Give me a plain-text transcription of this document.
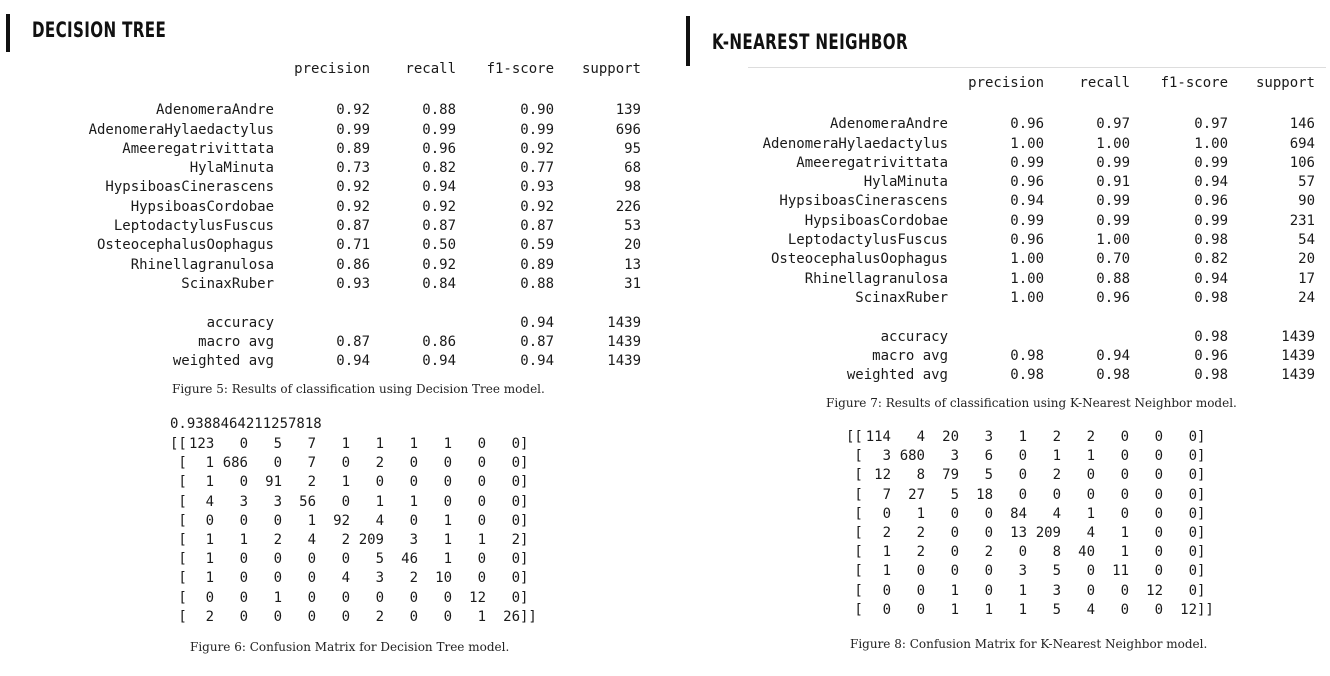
DECISION TREE
	precision	recall	f1-score	support

AdenomeraAndre	0.92	0.88	0.90	139
AdenomeraHylaedactylus	0.99	0.99	0.99	696
Ameeregatrivittata	0.89	0.96	0.92	95
HylaMinuta	0.73	0.82	0.77	68
HypsiboasCinerascens	0.92	0.94	0.93	98
HypsiboasCordobae	0.92	0.92	0.92	226
LeptodactylusFuscus	0.87	0.87	0.87	53
OsteocephalusOophagus	0.71	0.50	0.59	20
Rhinellagranulosa	0.86	0.92	0.89	13
ScinaxRuber	0.93	0.84	0.88	31

accuracy			0.94	1439
macro avg	0.87	0.86	0.87	1439
weighted avg	0.94	0.94	0.94	1439
Figure 5: Results of classification using Decision Tree model.
0.9388464211257818
[[ 123	0	5	7	1	1	1	1	0	0 ]
[	1 686	0	7	0	2	0	0	0	0 ]
[	1	0	91	2	1	0	0	0	0	0 ]
[	4	3	3	56	0	1	1	0	0	0 ]
[	0	0	0	1	92	4	0	1	0	0 ]
[	1	1	2	4	2 209	3	1	1	2 ]
[	1	0	0	0	0	5	46	1	0	0 ]
[	1	0	0	0	4	3	2	10	0	0 ]
[	0	0	1	0	0	0	0	0	12	0 ]
[	2	0	0	0	0	2	0	0	1	26 ]]
Figure 6: Confusion Matrix for Decision Tree model.
K-NEAREST NEIGHBOR
	precision	recall	f1-score	support

AdenomeraAndre	0.96	0.97	0.97	146
AdenomeraHylaedactylus	1.00	1.00	1.00	694
Ameeregatrivittata	0.99	0.99	0.99	106
HylaMinuta	0.96	0.91	0.94	57
HypsiboasCinerascens	0.94	0.99	0.96	90
HypsiboasCordobae	0.99	0.99	0.99	231
LeptodactylusFuscus	0.96	1.00	0.98	54
OsteocephalusOophagus	1.00	0.70	0.82	20
Rhinellagranulosa	1.00	0.88	0.94	17
ScinaxRuber	1.00	0.96	0.98	24

accuracy			0.98	1439
macro avg	0.98	0.94	0.96	1439
weighted avg	0.98	0.98	0.98	1439
Figure 7: Results of classification using K-Nearest Neighbor model.
[[ 114	4	20	3	1	2	2	0	0	0 ]
[	3 680	3	6	0	1	1	0	0	0 ]
[ 12	8	79	5	0	2	0	0	0	0 ]
[	7	27	5	18	0	0	0	0	0	0 ]
[	0	1	0	0	84	4	1	0	0	0 ]
[	2	2	0	0	13 209	4	1	0	0 ]
[	1	2	0	2	0	8	40	1	0	0 ]
[	1	0	0	0	3	5	0	11	0	0 ]
[	0	0	1	0	1	3	0	0	12	0 ]
[	0	0	1	1	1	5	4	0	0	12 ]]
Figure 8: Confusion Matrix for K-Nearest Neighbor model.
